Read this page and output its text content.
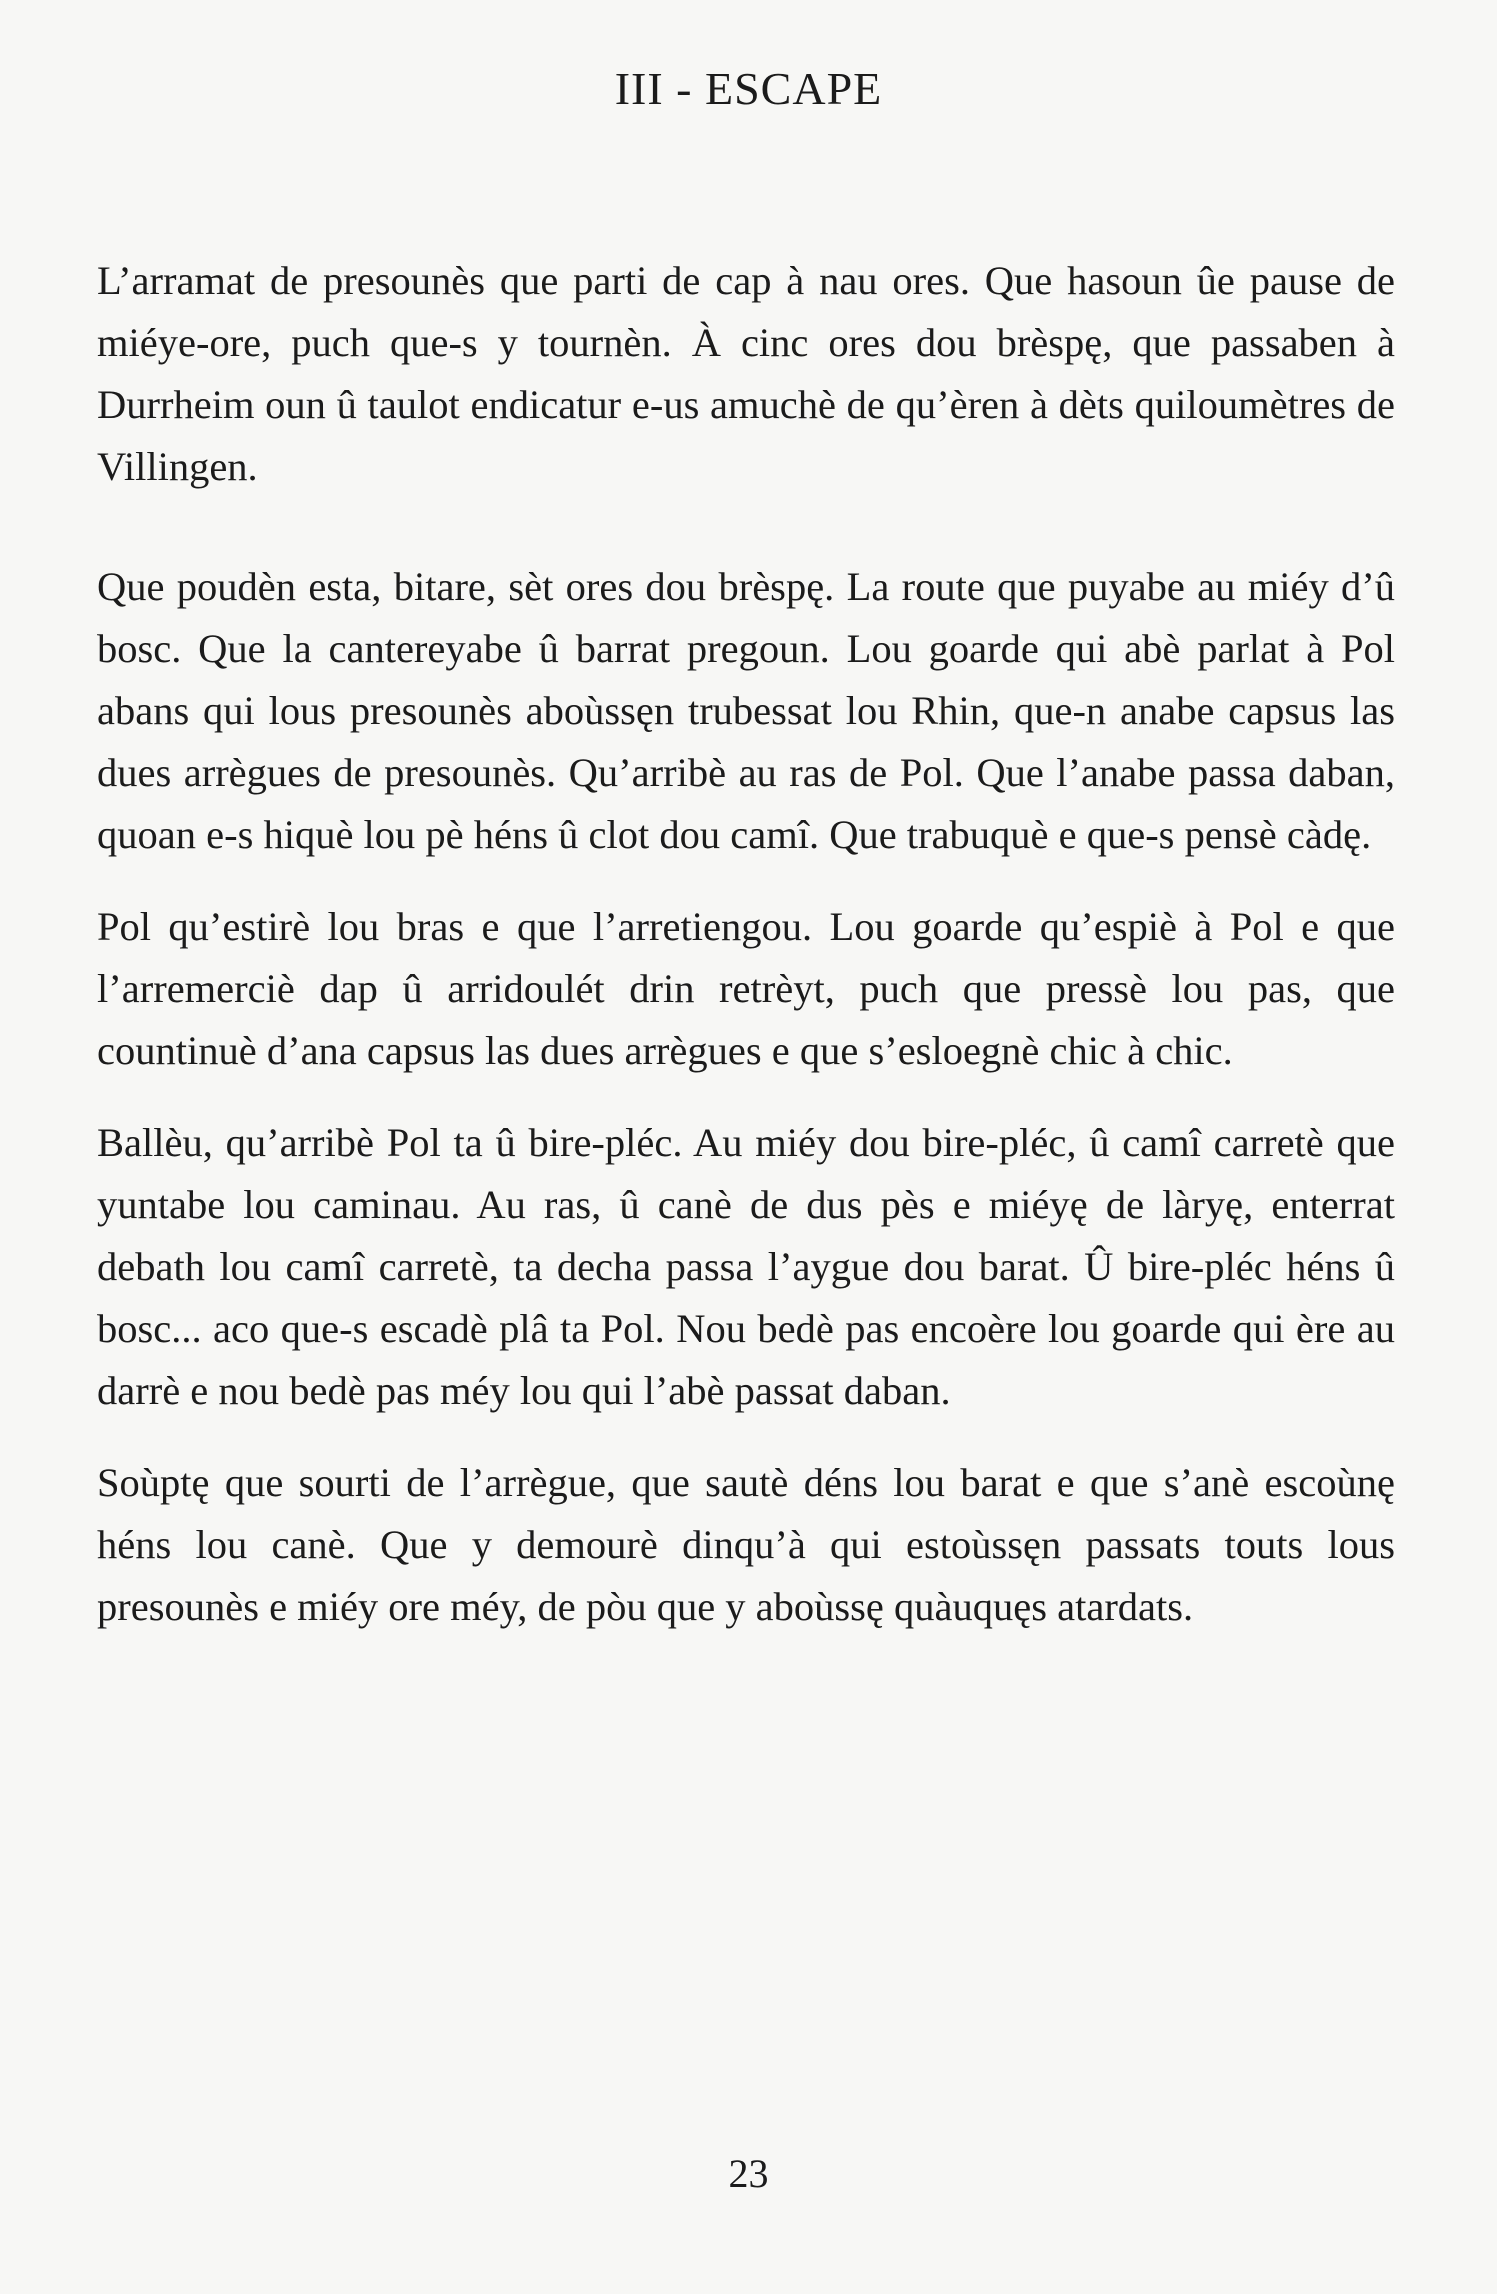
III - ESCAPE

L’arramat de presounès que parti de cap à nau ores. Que hasoun ûe pause de miéye-ore, puch que-s y tournèn. À cinc ores dou brèspę, que passaben à Durrheim oun û taulot endicatur e-us amuchè de qu’èren à dèts quiloumètres de Villingen.

Que poudèn esta, bitare, sèt ores dou brèspę. La route que puyabe au miéy d’û bosc. Que la cantereyabe û barrat pregoun. Lou goarde qui abè parlat à Pol abans qui lous presounès aboùssęn trubessat lou Rhin, que-n anabe capsus las dues arrègues de presounès. Qu’arribè au ras de Pol. Que l’anabe passa daban, quoan e-s hiquè lou pè héns û clot dou camî. Que trabuquè e que-s pensè càdę.

Pol qu’estirè lou bras e que l’arretiengou. Lou goarde qu’espiè à Pol e que l’arremerciè dap û arridoulét drin retrèyt, puch que pressè lou pas, que countinuè d’ana capsus las dues arrègues e que s’esloegnè chic à chic.

Ballèu, qu’arribè Pol ta û bire-pléc. Au miéy dou bire-pléc, û camî carretè que yuntabe lou caminau. Au ras, û canè de dus pès e miéyę de làryę, enterrat debath lou camî carretè, ta decha passa l’aygue dou barat. Û bire-pléc héns û bosc... aco que-s escadè plâ ta Pol. Nou bedè pas encoère lou goarde qui ère au darrè e nou bedè pas méy lou qui l’abè passat daban.

Soùptę que sourti de l’arrègue, que sautè déns lou barat e que s’anè escoùnę héns lou canè. Que y demourè dinqu’à qui estoùssęn passats touts lous presounès e miéy ore méy, de pòu que y aboùssę quàuquęs atardats.

23
